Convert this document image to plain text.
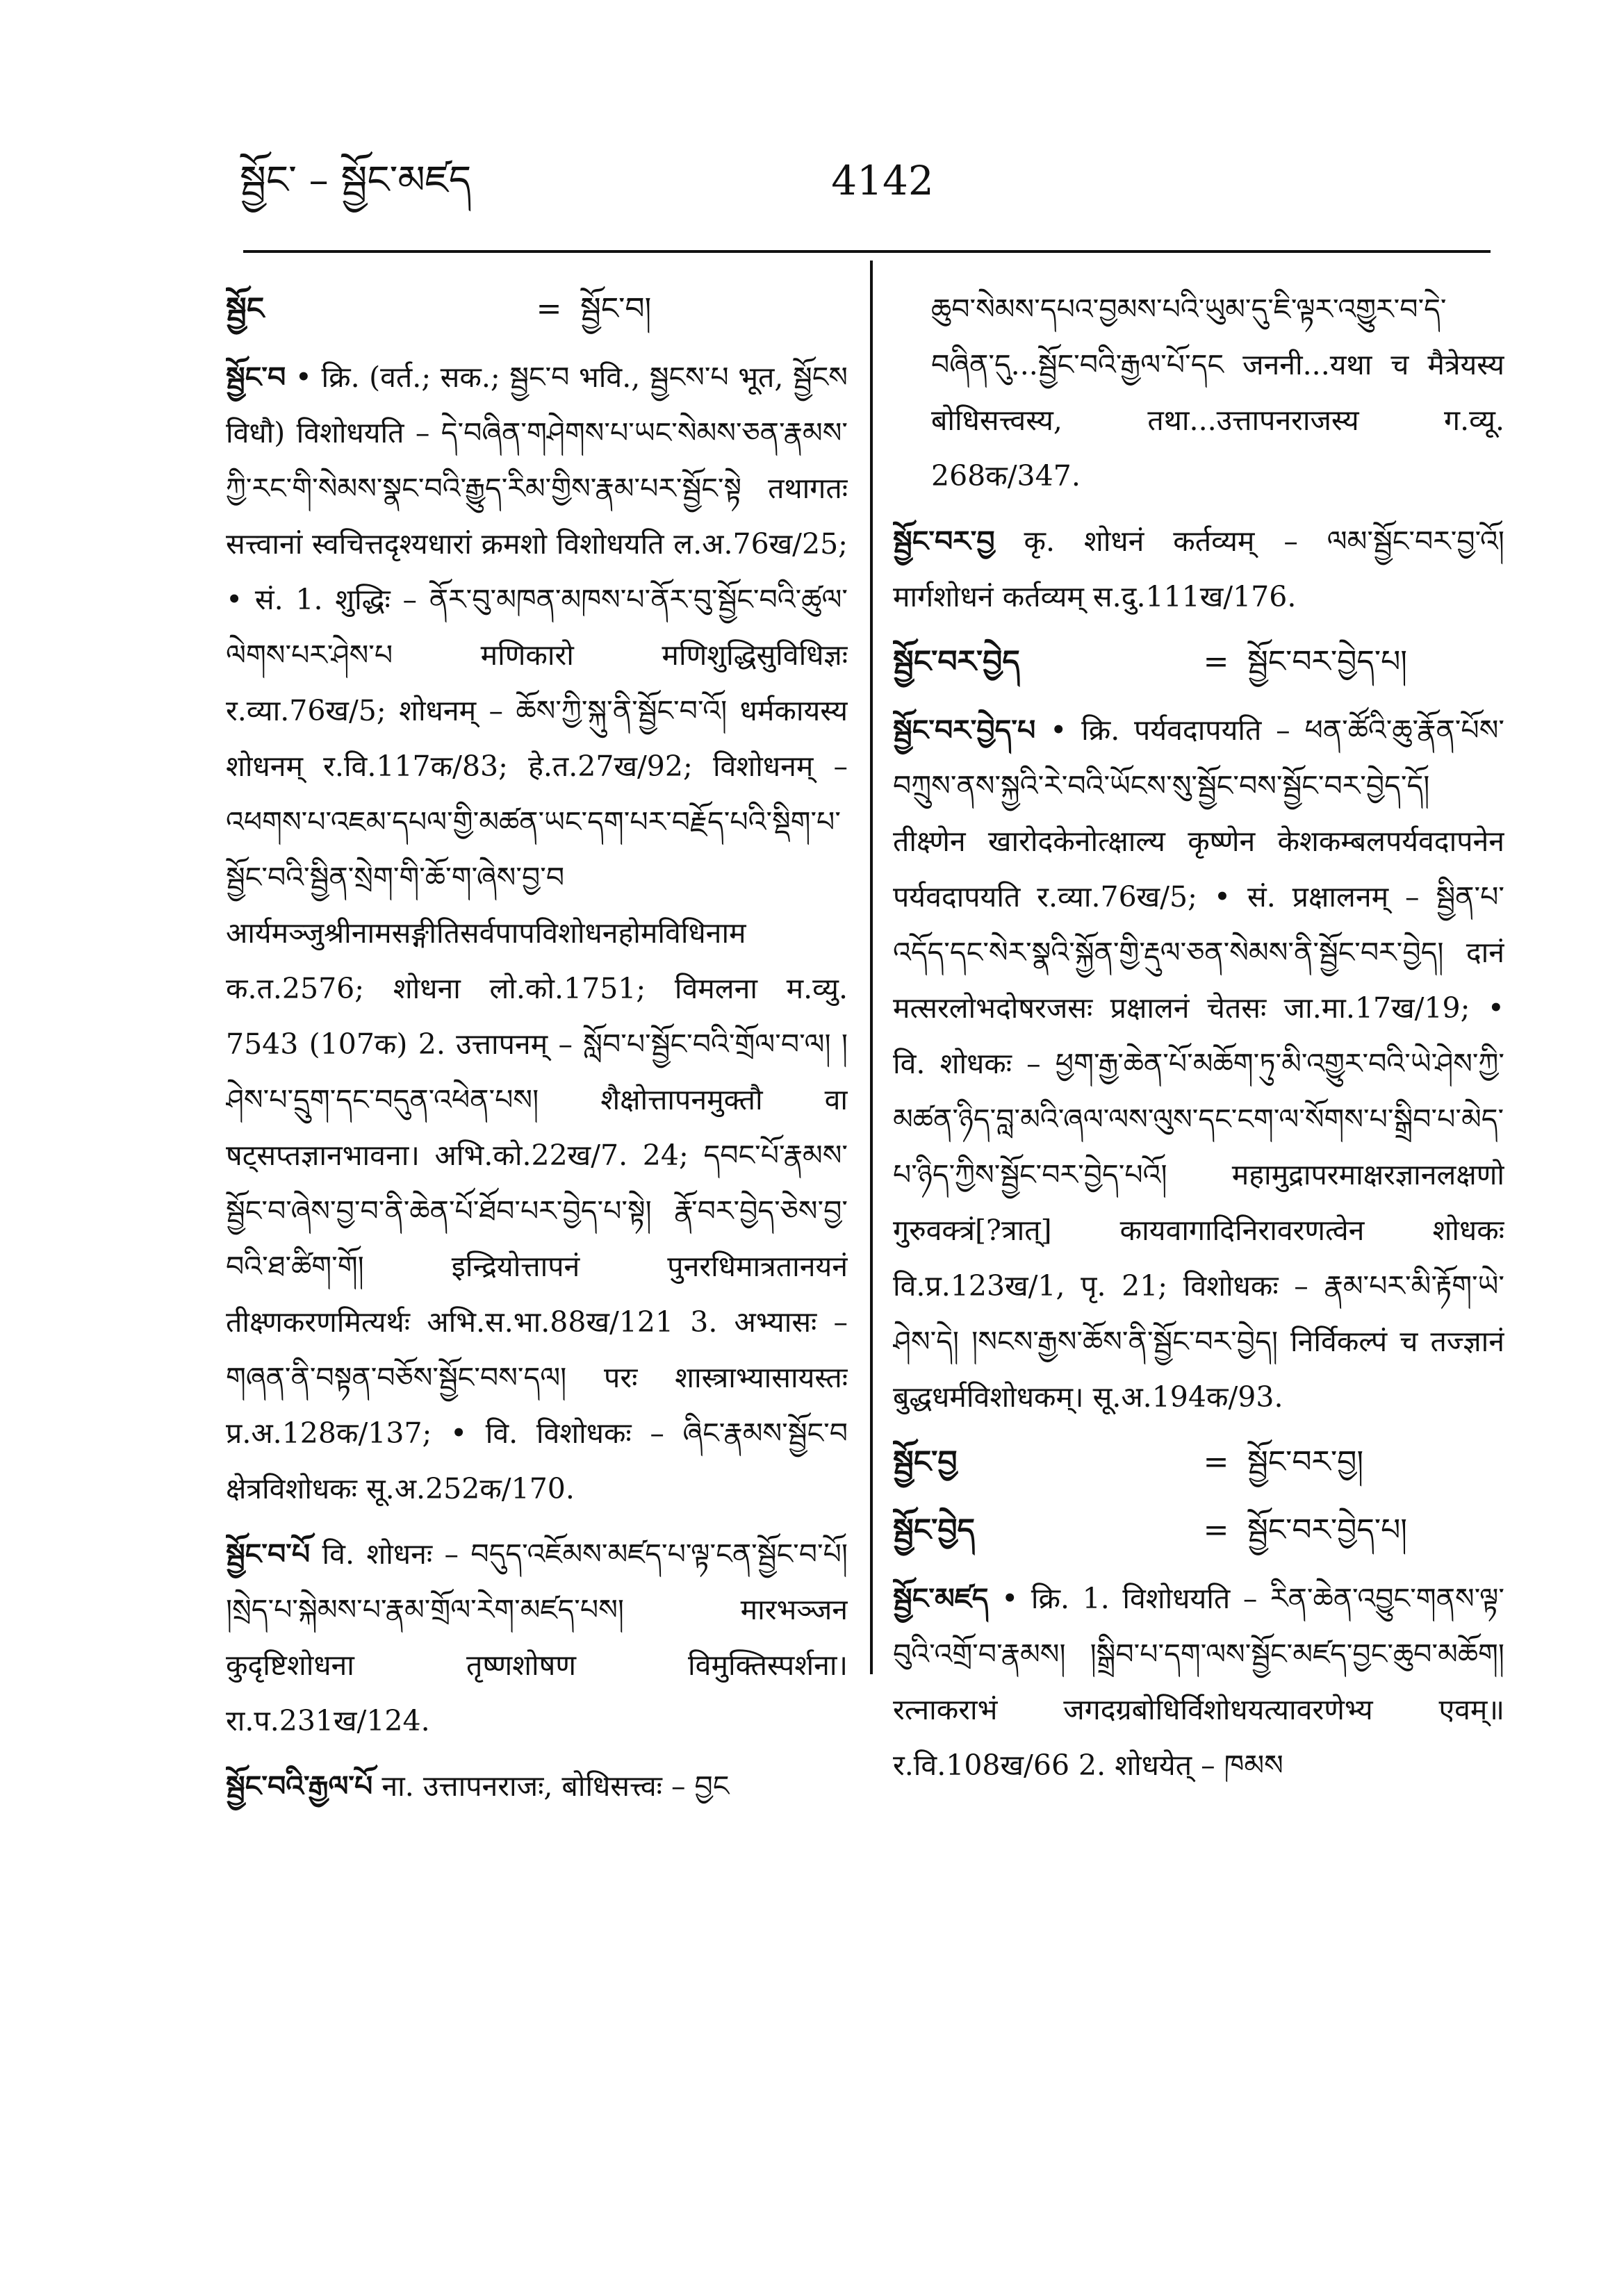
སྦྱོང་ – སྦྱོང་མཛད	4142
སྦྱོང	= སྦྱོང་བ།
སྦྱོང་བ • क्रि. (वर्त.; सक.; སྦྱང་བ भवि., སྦྱངས་པ भूत, སྦྱོངས विधौ) विशोधयति – དེ་བཞིན་གཤེགས་པ་ཡང་སེམས་ཅན་རྣམས་ཀྱི་རང་གི་སེམས་སྣང་བའི་རྒྱུད་རིམ་གྱིས་རྣམ་པར་སྦྱོང་སྟེ तथागतः सत्त्वानां स्वचित्तदृश्यधारां क्रमशो विशोधयति ल.अ.76ख/25; • सं. 1. शुद्धिः – ནོར་བུ་མཁན་མཁས་པ་ནོར་བུ་སྦྱོང་བའི་ཚུལ་ལེགས་པར་ཤེས་པ मणिकारो मणिशुद्धिसुविधिज्ञः र.व्या.76ख/5; शोधनम् – ཆོས་ཀྱི་སྐུ་ནི་སྦྱོང་བ་འོ། धर्मकायस्य शोधनम् र.वि.117क/83; हे.त.27ख/92; विशोधनम् – འཕགས་པ་འཇམ་དཔལ་གྱི་མཚན་ཡང་དག་པར་བརྗོད་པའི་སྡིག་པ་སྦྱོང་བའི་སྦྱིན་སྲེག་གི་ཆོ་ག་ཞེས་བྱ་བ आर्यमञ्जुश्रीनामसङ्गीतिसर्वपापविशोधनहोमविधिनाम क.त.2576; शोधना लो.को.1751; विमलना म.व्यु. 7543 (107क) 2. उत्तापनम् – སློབ་པ་སྦྱོང་བའི་གྲོལ་བ་ལ། །ཤེས་པ་དྲུག་དང་བདུན་འཕེན་པས། शैक्षोत्तापनमुक्तौ वा षट्सप्तज्ञानभावना। अभि.को.22ख/7. 24; དབང་པོ་རྣམས་སྦྱོང་བ་ཞེས་བྱ་བ་ནི་ཆེན་པོ་ཐོབ་པར་བྱེད་པ་སྟེ། རྣོ་བར་བྱེད་ཅེས་བྱ་བའི་ཐ་ཚིག་གོ། इन्द्रियोत्तापनं पुनरधिमात्रतानयनं तीक्ष्णकरणमित्यर्थः अभि.स.भा.88ख/121 3. अभ्यासः – གཞན་ནི་བསྟན་བཅོས་སྦྱོང་བས་དལ། परः शास्त्राभ्यासायस्तः प्र.अ.128क/137; • वि. विशोधकः – ཞིང་རྣམས་སྦྱོང་བ क्षेत्रविशोधकः सू.अ.252क/170.
སྦྱོང་བ་པོ वि. शोधनः – བདུད་འཇོམས་མཛད་པ་ལྟ་ངན་སྦྱོང་བ་པོ། །སྲེད་པ་སྐེམས་པ་རྣམ་གྲོལ་རེག་མཛད་པས། मारभञ्जन कुदृष्टिशोधना तृष्णशोषण विमुक्तिस्पर्शना। रा.प.231ख/124.
སྦྱོང་བའི་རྒྱལ་པོ ना. उत्तापनराजः, बोधिसत्त्वः – བྱང
ཆུབ་སེམས་དཔའ་བྱམས་པའི་ཡུམ་དུ་ཇི་ལྟར་འགྱུར་བ་དེ་བཞིན་དུ...སྦྱོང་བའི་རྒྱལ་པོ་དང जननी...यथा च मैत्रेयस्य बोधिसत्त्वस्य, तथा...उत्तापनराजस्य ग.व्यू. 268क/347.
སྦྱོང་བར་བྱ कृ. शोधनं कर्तव्यम् – ལམ་སྦྱོང་བར་བྱ་འོ། मार्गशोधनं कर्तव्यम् स.दु.111ख/176.
སྦྱོང་བར་བྱེད	= སྦྱོང་བར་བྱེད་པ།
སྦྱོང་བར་བྱེད་པ • क्रि. पर्यवदापयति – ཕན་ཚོའི་ཆུ་རྣོན་པོས་བཀྲུས་ནས་སྐྱའི་རེ་བའི་ཡོངས་སུ་སྦྱོང་བས་སྦྱོང་བར་བྱེད་དོ། तीक्ष्णेन खारोदकेनोत्क्षाल्य कृष्णेन केशकम्बलपर्यवदापनेन पर्यवदापयति र.व्या.76ख/5; • सं. प्रक्षालनम् – སྦྱིན་པ་འདོད་དང་སེར་སྣའི་སྐྱོན་གྱི་རྡུལ་ཅན་སེམས་ནི་སྦྱོང་བར་བྱེད། दानं मत्सरलोभदोषरजसः प्रक्षालनं चेतसः जा.मा.17ख/19; • वि. शोधकः – ཕྱག་རྒྱ་ཆེན་པོ་མཆོག་ཏུ་མི་འགྱུར་བའི་ཡེ་ཤེས་ཀྱི་མཚན་ཉིད་བླ་མའི་ཞལ་ལས་ལུས་དང་ངག་ལ་སོགས་པ་སྒྲིབ་པ་མེད་པ་ཉིད་ཀྱིས་སྦྱོང་བར་བྱེད་པའོ། महामुद्रापरमाक्षरज्ञानलक्षणो गुरुवक्त्रं[?त्रात्] कायवागादिनिरावरणत्वेन शोधकः वि.प्र.123ख/1, पृ. 21; विशोधकः – རྣམ་པར་མི་རྟོག་ཡེ་ཤེས་དེ། །སངས་རྒྱས་ཆོས་ནི་སྦྱོང་བར་བྱེད། निर्विकल्पं च तज्ज्ञानं बुद्धधर्मविशोधकम्। सू.अ.194क/93.
སྦྱོང་བྱ	= སྦྱོང་བར་བྱ།
སྦྱོང་བྱེད	= སྦྱོང་བར་བྱེད་པ།
སྦྱོང་མཛད • क्रि. 1. विशोधयति – རིན་ཆེན་འབྱུང་གནས་ལྟ་བུའི་འགྲོ་བ་རྣམས། །སྒྲིབ་པ་དག་ལས་སྦྱོང་མཛད་བྱང་ཆུབ་མཆོག། रत्नाकराभं जगदग्रबोधिर्विशोधयत्यावरणेभ्य एवम्॥ र.वि.108ख/66 2. शोधयेत् – ཁམས
